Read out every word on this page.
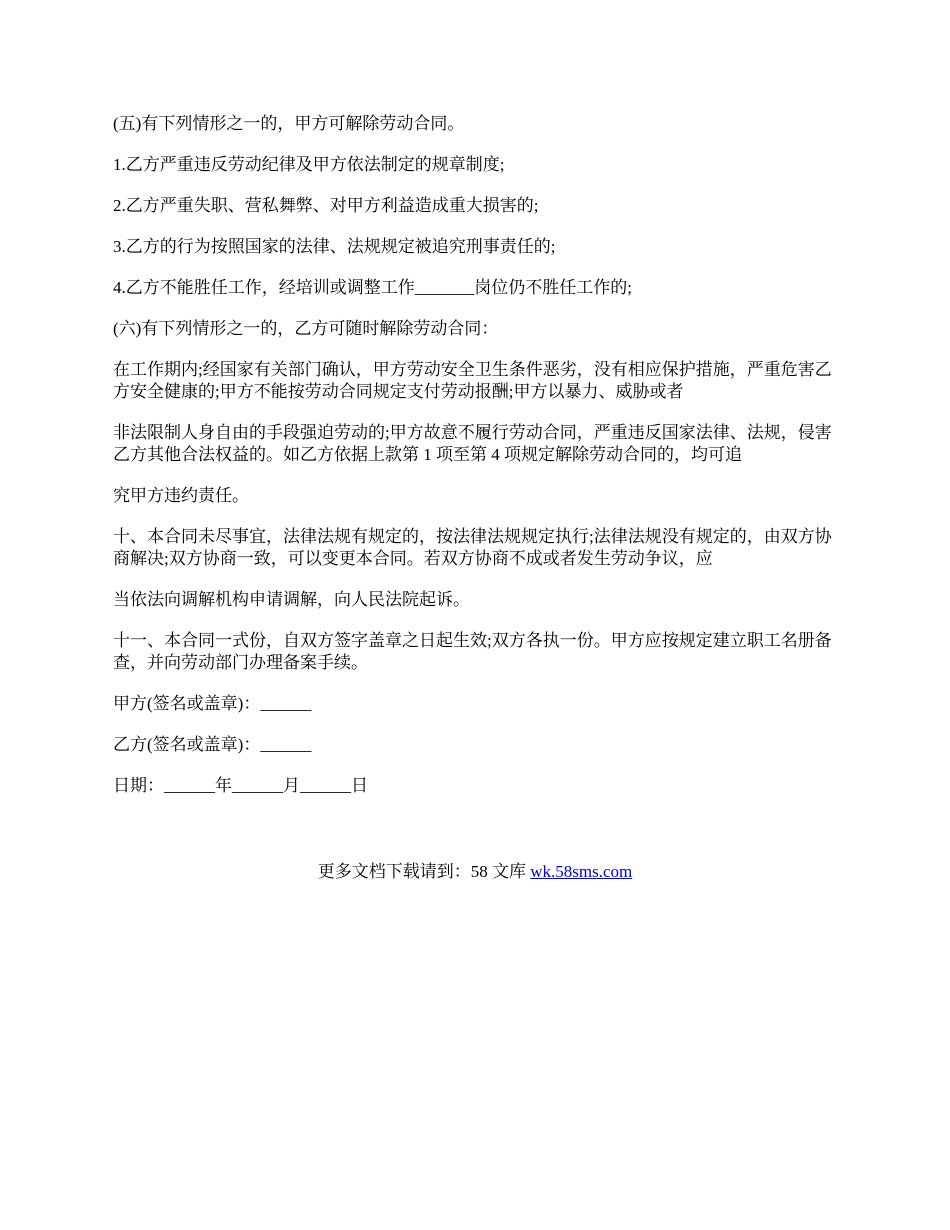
(五)有下列情形之一的，甲方可解除劳动合同。

1.乙方严重违反劳动纪律及甲方依法制定的规章制度;

2.乙方严重失职、营私舞弊、对甲方利益造成重大损害的;

3.乙方的行为按照国家的法律、法规规定被追究刑事责任的;

4.乙方不能胜任工作，经培训或调整工作_______岗位仍不胜任工作的;

(六)有下列情形之一的，乙方可随时解除劳动合同：

在工作期内;经国家有关部门确认，甲方劳动安全卫生条件恶劣，没有相应保护措施，严重危害乙方安全健康的;甲方不能按劳动合同规定支付劳动报酬;甲方以暴力、威胁或者

非法限制人身自由的手段强迫劳动的;甲方故意不履行劳动合同，严重违反国家法律、法规，侵害乙方其他合法权益的。如乙方依据上款第 1 项至第 4 项规定解除劳动合同的，均可追

究甲方违约责任。

十、本合同未尽事宜，法律法规有规定的，按法律法规规定执行;法律法规没有规定的，由双方协商解决;双方协商一致，可以变更本合同。若双方协商不成或者发生劳动争议，应

当依法向调解机构申请调解，向人民法院起诉。

十一、本合同一式份，自双方签字盖章之日起生效;双方各执一份。甲方应按规定建立职工名册备查，并向劳动部门办理备案手续。

甲方(签名或盖章)：______

乙方(签名或盖章)：______

日期：______年______月______日

更多文档下载请到：58 文库 wk.58sms.com
